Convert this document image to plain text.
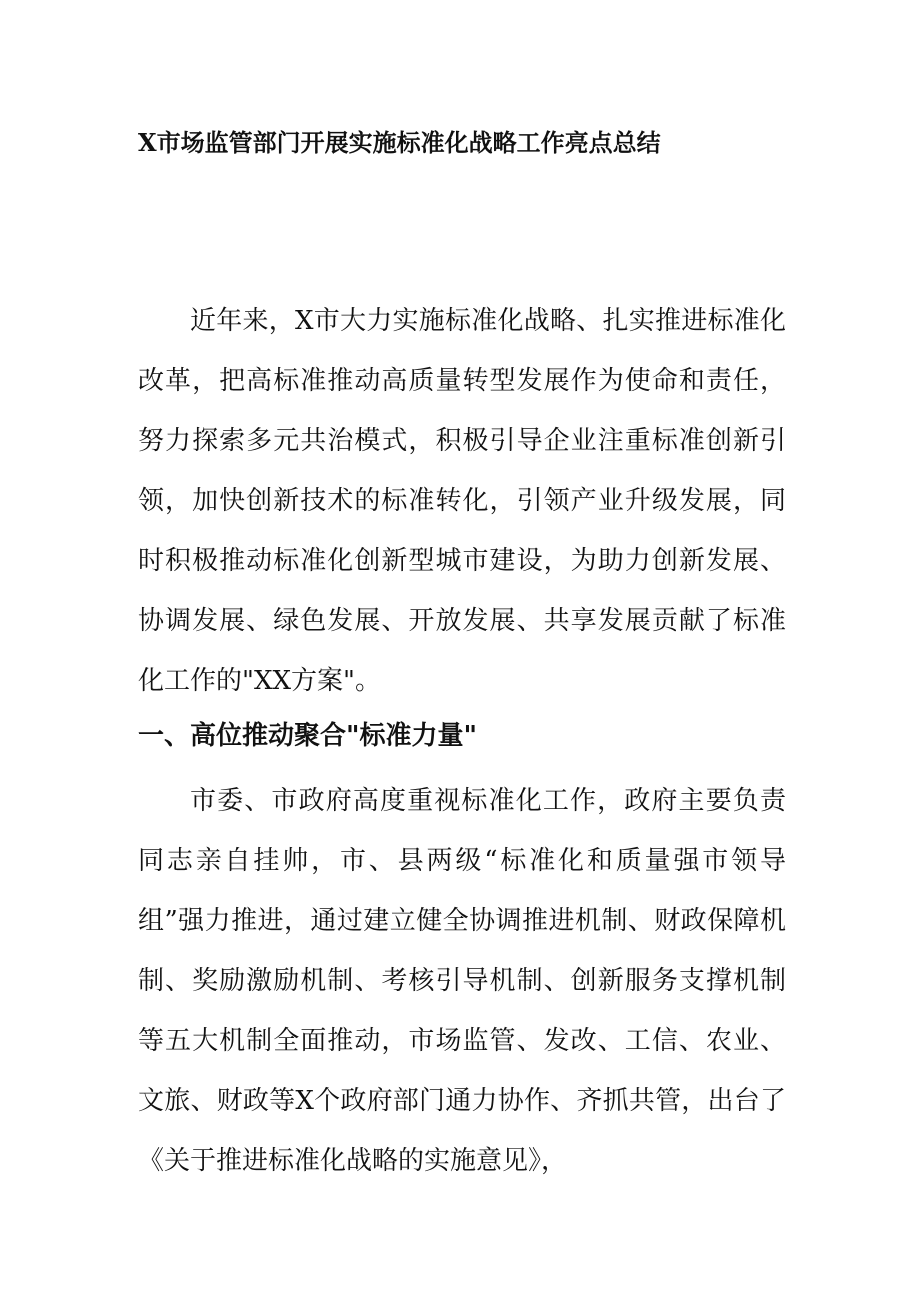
X市场监管部门开展实施标准化战略工作亮点总结

近年来，X市大力实施标准化战略、扎实推进标准化改革，把高标准推动高质量转型发展作为使命和责任，努力探索多元共治模式，积极引导企业注重标准创新引领，加快创新技术的标准转化，引领产业升级发展，同时积极推动标准化创新型城市建设，为助力创新发展、协调发展、绿色发展、开放发展、共享发展贡献了标准化工作的"XX方案"。

一、高位推动聚合"标准力量"

市委、市政府高度重视标准化工作，政府主要负责同志亲自挂帅，市、县两级“标准化和质量强市领导组”强力推进，通过建立健全协调推进机制、财政保障机制、奖励激励机制、考核引导机制、创新服务支撑机制等五大机制全面推动，市场监管、发改、工信、农业、文旅、财政等X个政府部门通力协作、齐抓共管，出台了《关于推进标准化战略的实施意见》，
